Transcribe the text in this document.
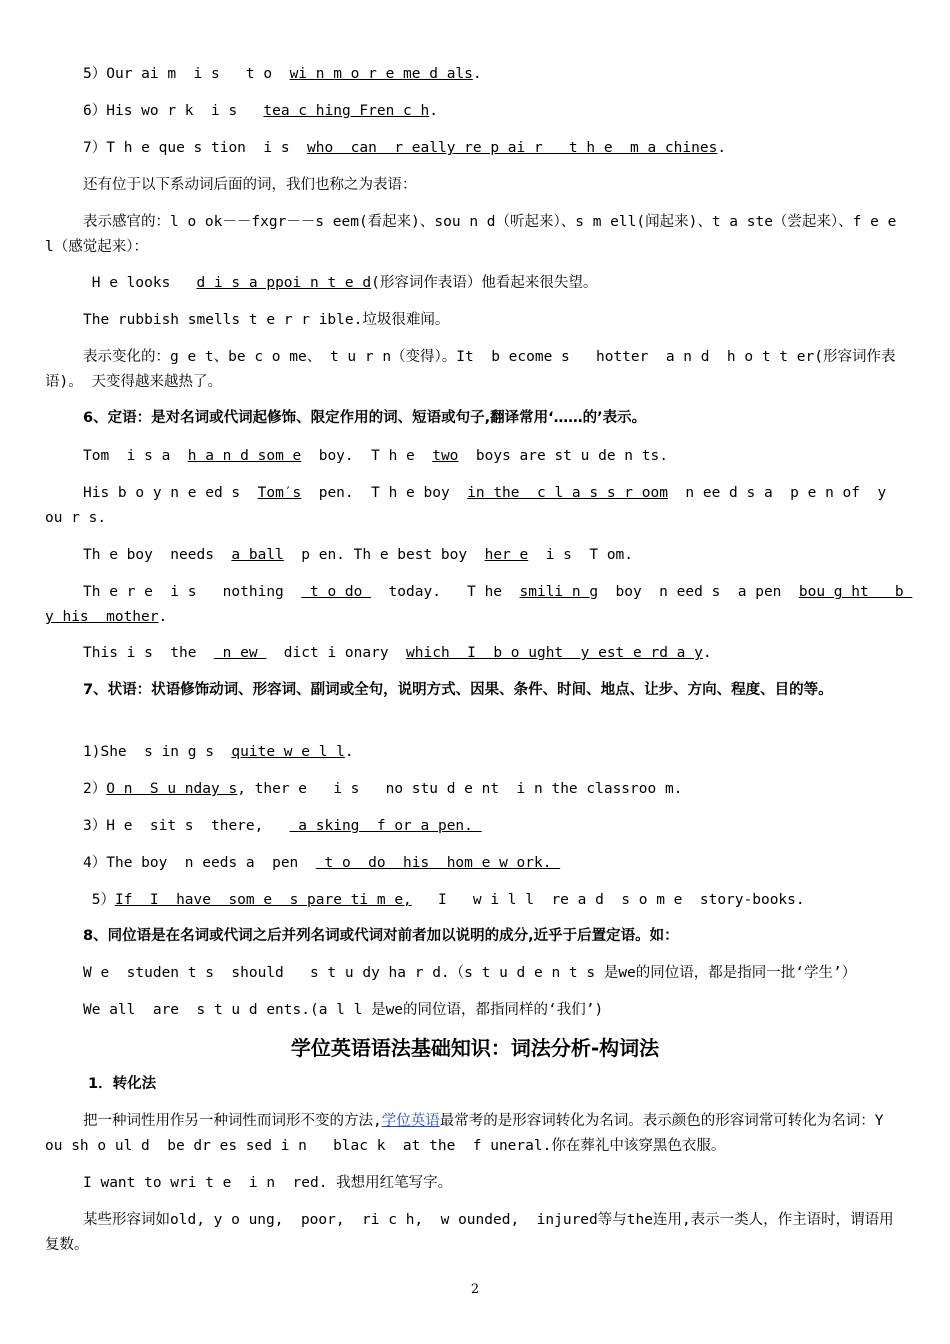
5）Our ai m  i s   t o  wi n m o r e me d als.
6）His wo r k  i s   tea c hing Fren c h.
7）T h e que s tion  i s  who  can  r eally re p ai r   t h e  m a chines.
还有位于以下系动词后面的词，我们也称之为表语：
表示感官的：l o ok－－fxgr－－s eem(看起来)、sou n d（听起来）、s m ell(闻起来)、t a ste（尝起来）、f e e l（感觉起来）：
H e looks   d i s a ppoi n t e d(形容词作表语）他看起来很失望。
The rubbish smells t e r r ible.垃圾很难闻。
表示变化的：g e t、be c o me、 t u r n（变得）。It  b ecome s   hotter  a n d  h o t t er(形容词作表语)。 天变得越来越热了。
6、定语：是对名词或代词起修饰、限定作用的词、短语或句子,翻译常用‘……的’表示。
Tom  i s a  h a n d som e  boy.  T h e  two  boys are st u de n ts.
His b o y n e ed s  Tom′s  pen.  T h e boy  in the  c l a s s r oom  n ee d s a  p e n of  y ou r s.
Th e boy  needs  a ball  p en. Th e best boy  her e  i s  T om.
Th e r e  i s   nothing   t o do   today.   T he  smili n g  boy  n eed s  a pen  bou g ht   b y his  mother.
This i s  the   n ew   dict i onary  which  I  b o ught  y est e rd a y.
7、状语：状语修饰动词、形容词、副词或全句，说明方式、因果、条件、时间、地点、让步、方向、程度、目的等。
1)She  s in g s  quite w e l l.
2）O n  S u nday s, ther e   i s   no stu d e nt  i n the classroo m.
3）H e  sit s  there,    a sking  f or a pen.
4）The boy  n eeds a  pen   t o  do  his  hom e w ork.
5）If  I  have  som e  s pare ti m e,   I   w i l l  re a d  s o m e  story-books.
8、同位语是在名词或代词之后并列名词或代词对前者加以说明的成分,近乎于后置定语。如：
W e  studen t s  should   s t u dy ha r d.（s t u d e n t s 是we的同位语，都是指同一批‘学生’）
We all  are  s t u d ents.(a l l 是we的同位语，都指同样的‘我们’)
学位英语语法基础知识：词法分析-构词法
1．转化法
把一种词性用作另一种词性而词形不变的方法,学位英语最常考的是形容词转化为名词。表示颜色的形容词常可转化为名词：Y ou sh o ul d  be dr es sed i n   blac k  at the  f uneral.你在葬礼中该穿黑色衣服。
I want to wri t e  i n  red. 我想用红笔写字。
某些形容词如old, y o ung,  poor,  ri c h,  w ounded,  injured等与the连用,表示一类人，作主语时，谓语用复数。
2
